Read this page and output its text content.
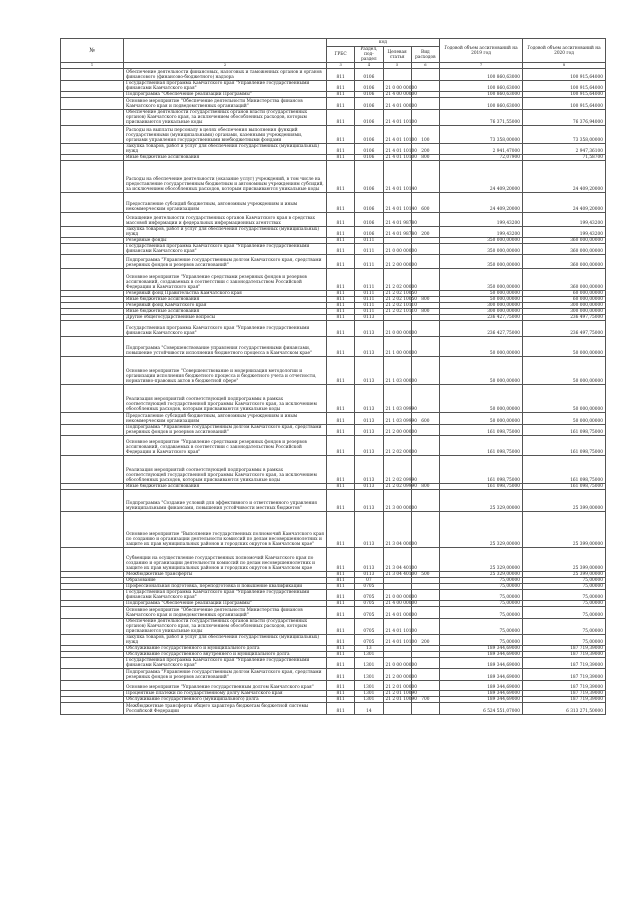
№		код				Годовой объем ассигнований на 2019 год	Годовой объем ассигнований на 2020 год
		ГРБС	Раздел, под-раздел	Целевая статья	Вид расходов		
1	2	3	4	5	6	7	8
	Обеспечение деятельности финансовых, налоговых и таможенных органов и органов финансового (финансово-бюджетного) надзора	811	0106			100 860,63000	100 915,64000
	Государственная программа Камчатского края "Управление государственными финансами Камчатского края"	811	0106	21 0 00 00000		100 860,63000	100 915,64000
	Подпрограмма "Обеспечение реализации Программы"	811	0106	21 4 00 00000		100 860,63000	100 915,64000
	Основное мероприятие "Обеспечение деятельности Министерства финансов Камчатского края и подведомственных организаций"	811	0106	21 4 01 00000		100 860,63000	100 915,64000
	Обеспечение деятельности государственных органов власти (государственных органов) Камчатского края, за исключением обособленных расходов, которым присваиваются уникальные коды	811	0106	21 4 01 10100		76 371,55000	76 376,94000
	Расходы на выплаты персоналу в целях обеспечения выполнения функций государственными (муниципальными) органами, казенными учреждениями, органами управления государственными внебюджетными фондами	811	0106	21 4 01 10100	100	73 358,00000	73 358,00000
	Закупка товаров, работ и услуг для обеспечения государственных (муниципальных) нужд	811	0106	21 4 01 10100	200	2 941,47000	2 947,36100
	Иные бюджетные ассигнования	811	0106	21 4 01 10100	800	72,07900	71,58700
	Расходы на обеспечение деятельности (оказание услуг) учреждений, в том числе на предоставление государственным бюджетным и автономным учреждениям субсидий, за исключением обособленных расходов, которым присваиваются уникальные коды	811	0106	21 4 01 10140		24 409,20000	24 409,20000
	Предоставление субсидий бюджетным, автономным учреждениям и иным некоммерческим организациям	811	0106	21 4 01 10140	600	24 409,20000	24 409,20000
	Оснащение деятельности государственных органов Камчатского края в средствах массовой информации и федеральных информационных агентствах	811	0106	21 4 01 98780		199,43200	199,43200
	Закупка товаров, работ и услуг для обеспечения государственных (муниципальных) нужд	811	0106	21 4 01 98780	200	199,43200	199,43200
	Резервные фонды	811	0111			350 000,00000	360 000,00000
	Государственная программа Камчатского края "Управление государственными финансами Камчатского края"	811	0111	21 0 00 00000		350 000,00000	360 000,00000
	Подпрограмма "Управление государственным долгом Камчатского края, средствами резервных фондов и резервов ассигнований"	811	0111	21 2 00 00000		350 000,00000	360 000,00000
	Основное мероприятие "Управление средствами резервных фондов и резервов ассигнований, создаваемых в соответствии с законодательством Российской Федерации и Камчатского края"	811	0111	21 2 02 00000		350 000,00000	360 000,00000
	Резервный фонд Правительства Камчатского края	811	0111	21 2 02 10050		50 000,00000	60 000,00000
	Иные бюджетные ассигнования	811	0111	21 2 02 10050	800	50 000,00000	60 000,00000
	Резервный фонд Камчатского края	811	0111	21 2 02 10110		300 000,00000	300 000,00000
	Иные бюджетные ассигнования	811	0111	21 2 02 10110	800	300 000,00000	300 000,00000
	Другие общегосударственные вопросы	811	0113			236 427,75000	236 497,75000
	Государственная программа Камчатского края "Управление государственными финансами Камчатского края"	811	0113	21 0 00 00000		236 427,75000	236 497,75000
	Подпрограмма "Совершенствование управления государственными финансами, повышение устойчивости исполнения бюджетного процесса в Камчатском крае"	811	0113	21 1 00 00000		50 000,00000	50 000,00000
	Основное мероприятие "Совершенствование и модернизация методологии и организации исполнения бюджетного процесса и бюджетного учета и отчетности, нормативно-правовых актов в бюджетной сфере"	811	0113	21 1 03 00000		50 000,00000	50 000,00000
	Реализация мероприятий соответствующей подпрограммы в рамках соответствующей государственной программы Камчатского края, за исключением обособленных расходов, которым присваиваются уникальные коды	811	0113	21 1 03 09990		50 000,00000	50 000,00000
	Предоставление субсидий бюджетным, автономным учреждениям и иным некоммерческим организациям	811	0113	21 1 03 09990	600	50 000,00000	50 000,00000
	Подпрограмма "Управление государственным долгом Камчатского края, средствами резервных фондов и резервов ассигнований"	811	0113	21 2 00 00000		161 098,75000	161 098,75000
	Основное мероприятие "Управление средствами резервных фондов и резервов ассигнований, создаваемых в соответствии с законодательством Российской Федерации и Камчатского края"	811	0113	21 2 02 00000		161 098,75000	161 098,75000
	Реализация мероприятий соответствующей подпрограммы в рамках соответствующей государственной программы Камчатского края, за исключением обособленных расходов, которым присваиваются уникальные коды	811	0113	21 2 02 09990		161 098,75000	161 098,75000
	Иные бюджетные ассигнования	811	0113	21 2 02 09990	800	161 098,75000	161 098,75000
	Подпрограмма "Создание условий для эффективного и ответственного управления муниципальными финансами, повышения устойчивости местных бюджетов"	811	0113	21 3 00 00000		25 329,00000	25 399,00000
	Основное мероприятие "Выполнение государственных полномочий Камчатского края по созданию и организации деятельности комиссий по делам несовершеннолетних и защите их прав муниципальных районов и городских округов в Камчатском крае"	811	0113	21 3 04 00000		25 329,00000	25 399,00000
	Субвенции на осуществление государственных полномочий Камчатского края по созданию и организации деятельности комиссий по делам несовершеннолетних и защите их прав муниципальных районов и городских округов в Камчатском крае	811	0113	21 3 04 40100		25 329,00000	25 399,00000
	Межбюджетные трансферты	811	0113	21 3 04 40100	500	25 329,00000	25 399,00000
	Образование	811	07			75,00000	75,00000
	Профессиональная подготовка, переподготовка и повышение квалификации	811	0705			75,00000	75,00000
	Государственная программа Камчатского края "Управление государственными финансами Камчатского края"	811	0705	21 0 00 00000		75,00000	75,00000
	Подпрограмма "Обеспечение реализации Программы"	811	0705	21 4 00 00000		75,00000	75,00000
	Основное мероприятие "Обеспечение деятельности Министерства финансов Камчатского края и подведомственных организаций"	811	0705	21 4 01 00000		75,00000	75,00000
	Обеспечение деятельности государственных органов власти (государственных органов) Камчатского края, за исключением обособленных расходов, которым присваиваются уникальные коды	811	0705	21 4 01 10100		75,00000	75,00000
	Закупка товаров, работ и услуг для обеспечения государственных (муниципальных) нужд	811	0705	21 4 01 10100	200	75,00000	75,00000
	Обслуживание государственного и муниципального долга	811	13			189 344,69000	187 719,39000
	Обслуживание государственного внутреннего и муниципального долга	811	1301			189 344,69000	187 719,39000
	Государственная программа Камчатского края "Управление государственными финансами Камчатского края"	811	1301	21 0 00 00000		189 344,69000	187 719,39000
	Подпрограмма "Управление государственным долгом Камчатского края, средствами резервных фондов и резервов ассигнований"	811	1301	21 2 00 00000		189 344,69000	187 719,39000
	Основное мероприятие "Управление государственным долгом Камчатского края"	811	1301	21 2 01 00000		189 344,69000	187 719,39000
	Процентные платежи по государственному долгу Камчатского края	811	1301	21 2 01 10090		189 344,69000	187 719,39000
	Обслуживание государственного (муниципального) долга	811	1301	21 2 01 10090	700	189 344,69000	187 719,39000
	Межбюджетные трансферты общего характера бюджетам бюджетной системы Российской Федерации	811	14			6 524 551,07000	6 313 271,50000
